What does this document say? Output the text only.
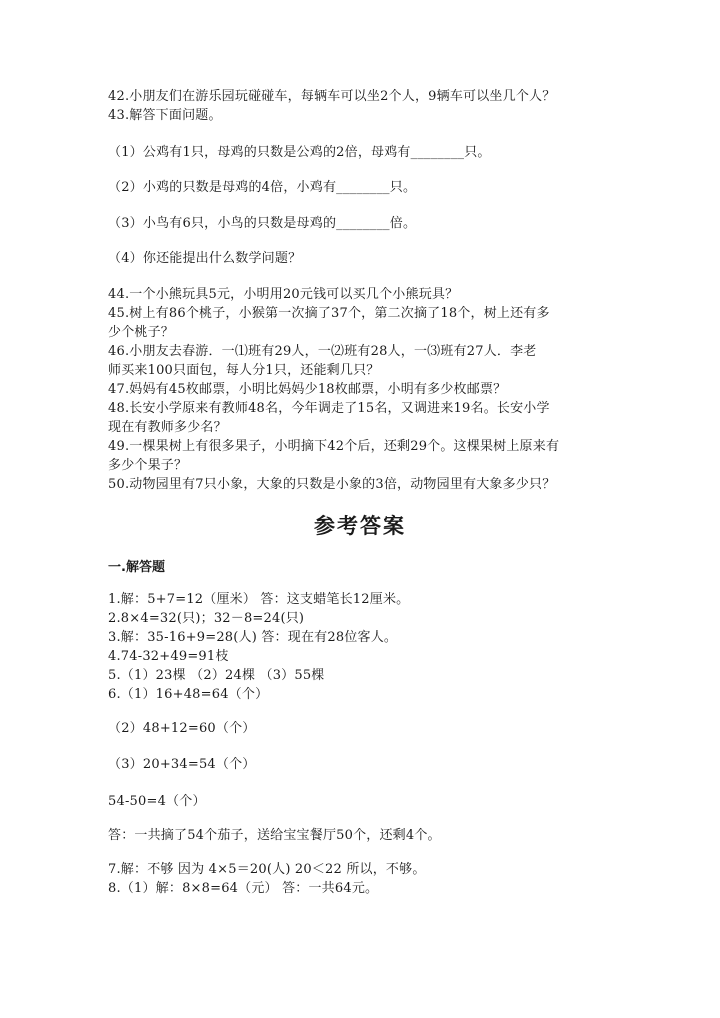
42.小朋友们在游乐园玩碰碰车，每辆车可以坐2个人，9辆车可以坐几个人？
43.解答下面问题。
（1）公鸡有1只，母鸡的只数是公鸡的2倍，母鸡有________只。
（2）小鸡的只数是母鸡的4倍，小鸡有________只。
（3）小鸟有6只，小鸟的只数是母鸡的________倍。
（4）你还能提出什么数学问题？
44.一个小熊玩具5元，小明用20元钱可以买几个小熊玩具？
45.树上有86个桃子，小猴第一次摘了37个，第二次摘了18个，树上还有多
少个桃子？
46.小朋友去春游．一⑴班有29人，一⑵班有28人，一⑶班有27人．李老
师买来100只面包，每人分1只，还能剩几只？
47.妈妈有45枚邮票，小明比妈妈少18枚邮票，小明有多少枚邮票？
48.长安小学原来有教师48名，今年调走了15名，又调进来19名。长安小学
现在有教师多少名？
49.一棵果树上有很多果子，小明摘下42个后，还剩29个。这棵果树上原来有
多少个果子？
50.动物园里有7只小象，大象的只数是小象的3倍，动物园里有大象多少只？
参考答案
一.解答题
1.解：5+7=12（厘米） 答：这支蜡笔长12厘米。
2.8×4=32(只)；32－8=24(只)
3.解：35-16+9=28(人) 答：现在有28位客人。
4.74-32+49=91枝
5.（1）23棵 （2）24棵 （3）55棵
6.（1）16+48=64（个）
（2）48+12=60（个）
（3）20+34=54（个）
54-50=4（个）
答：一共摘了54个茄子，送给宝宝餐厅50个，还剩4个。
7.解：不够 因为 4×5＝20(人) 20＜22 所以，不够。
8.（1）解：8×8=64（元） 答：一共64元。
